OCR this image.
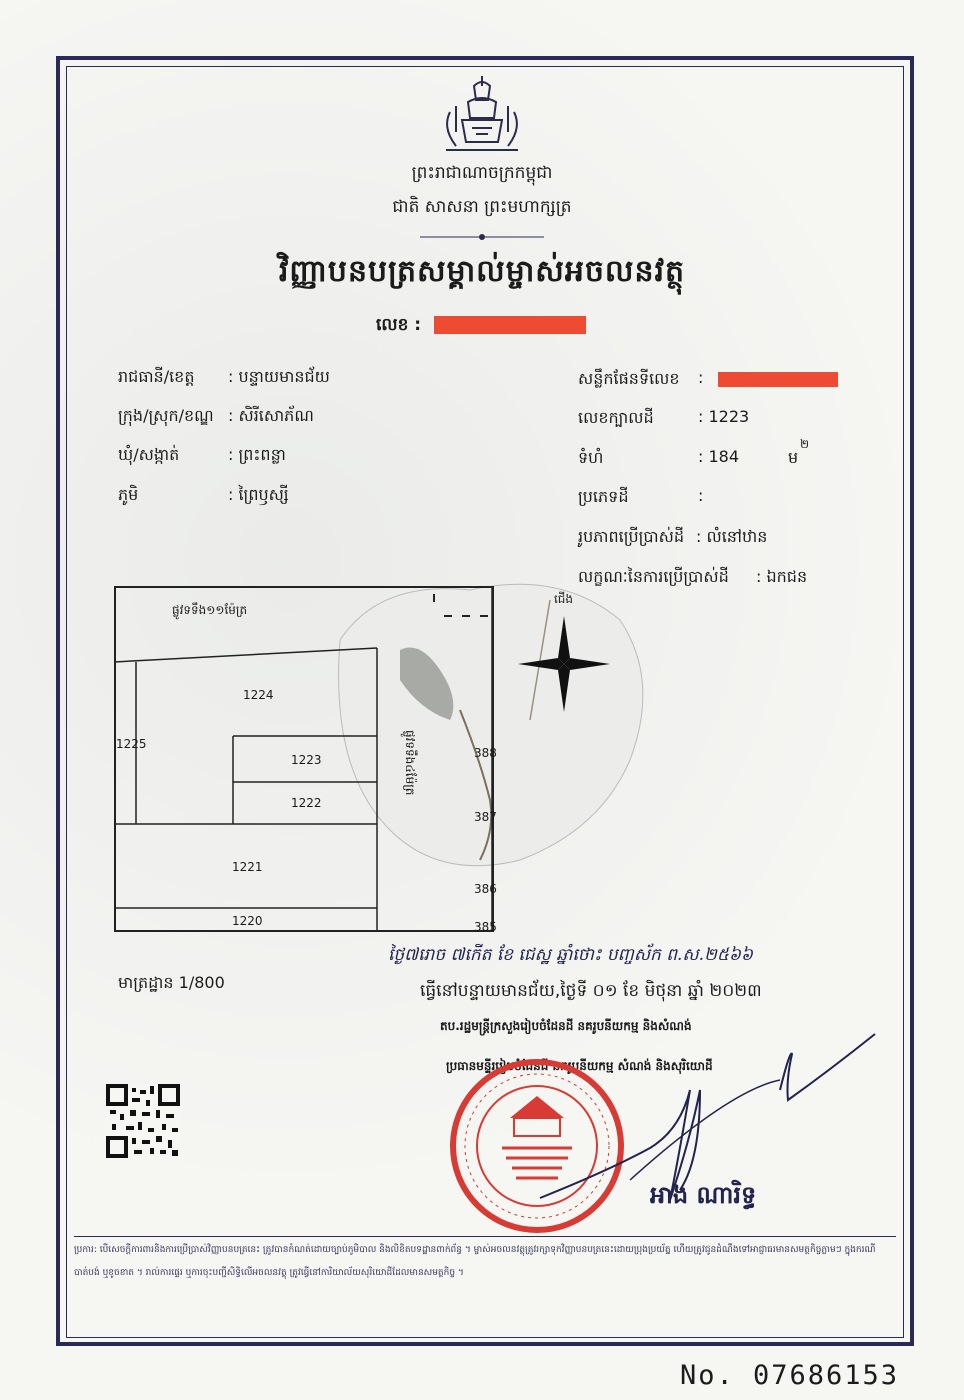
ព្រះរាជាណាចក្រកម្ពុជា
ជាតិ សាសនា ព្រះមហាក្សត្រ
វិញ្ញាបនបត្រសម្គាល់ម្ចាស់អចលនវត្ថុ
លេខ :
រាជធានី/ខេត្ត : បន្ទាយមានជ័យ
ក្រុង/ស្រុក/ខណ្ឌ : សិរីសោភ័ណ
ឃុំ/សង្កាត់	: ព្រះពន្លា
ភូមិ	: ព្រៃឫស្សី
សន្លឹកផែនទីលេខ :
លេខក្បាលដី	: 1223
ទំហំ	: 184	ម
២
ប្រភេទដី	:
រូបភាពប្រើប្រាស់ដី : លំនៅឋាន
លក្ខណៈនៃការប្រើប្រាស់ដី : ឯកជន
ជើង
ផ្លូវទទឹង១១ម៉ែត្រ
ផ្លូវទទឹង៤ម៉ែត្រ
1224
1225
1223
1222
1221
1220
388
387
386
385
មាត្រដ្ឋាន 1/800
ថ្ងៃ៧រោច ៧កើត ខែ ជេស្ឋ ឆ្នាំថោះ បញ្ចស័ក ព.ស.២៥៦៦
ធ្វើនៅបន្ទាយមានជ័យ,ថ្ងៃទី ០១ ខែ មិថុនា ឆ្នាំ ២០២៣
តប.រដ្ឋមន្ត្រីក្រសួងរៀបចំដែនដី នគរូបនីយកម្ម និងសំណង់
ប្រធានមន្ទីររៀបចំដែនដី នគរូបនីយកម្ម សំណង់ និងសុរិយោដី
អាង ណារិទ្ធ
ប្រការ: បើសេចក្តីការពារនិងការប្រើប្រាស់វិញ្ញាបនបត្រនេះ ត្រូវបានកំណត់ដោយច្បាប់ភូមិបាល និងលិខិតបទដ្ឋានពាក់ព័ន្ធ ។ ម្ចាស់អចលនវត្ថុត្រូវរក្សាទុកវិញ្ញាបនបត្រនេះដោយប្រុងប្រយ័ត្ន ហើយត្រូវជូនដំណឹងទៅអាជ្ញាធរមានសមត្ថកិច្ចភ្លាមៗ ក្នុងករណីបាត់បង់ ឬខូចខាត ។ រាល់ការផ្ទេរ ឬការចុះបញ្ជីសិទ្ធិលើអចលនវត្ថុ ត្រូវធ្វើនៅការិយាល័យសុរិយោដីដែលមានសមត្ថកិច្ច ។
No. 07686153
